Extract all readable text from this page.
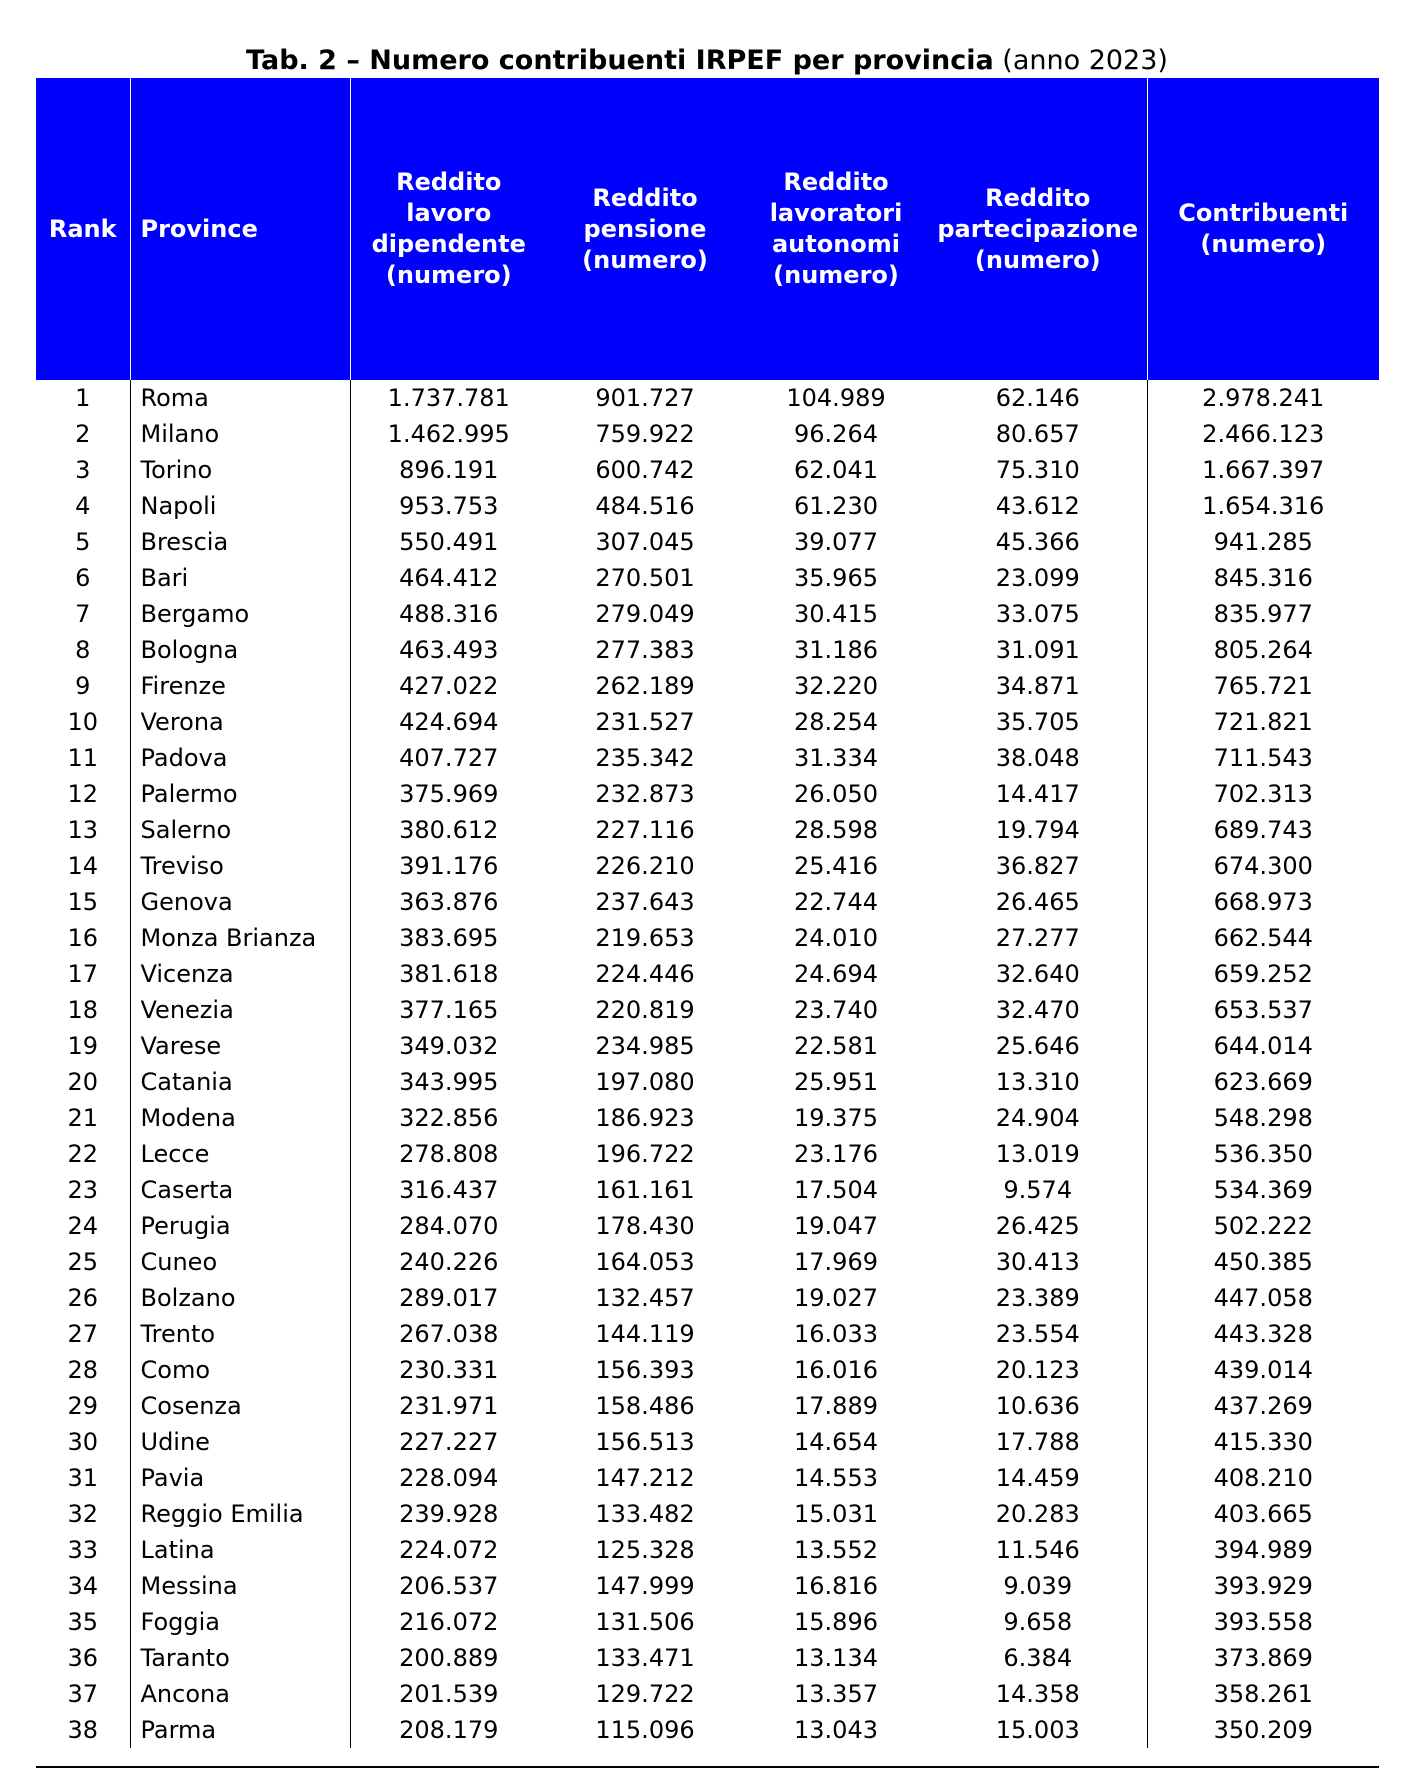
Tab. 2 – Numero contribuenti IRPEF per provincia (anno 2023)
Rank	Province	Reddito
lavoro
dipendente
(numero)	Reddito
pensione
(numero)	Reddito
lavoratori
autonomi
(numero)	Reddito
partecipazione
(numero)	Contribuenti
(numero)

1	Roma	1.737.781	901.727	104.989	62.146	2.978.241
2	Milano	1.462.995	759.922	96.264	80.657	2.466.123
3	Torino	896.191	600.742	62.041	75.310	1.667.397
4	Napoli	953.753	484.516	61.230	43.612	1.654.316
5	Brescia	550.491	307.045	39.077	45.366	941.285
6	Bari	464.412	270.501	35.965	23.099	845.316
7	Bergamo	488.316	279.049	30.415	33.075	835.977
8	Bologna	463.493	277.383	31.186	31.091	805.264
9	Firenze	427.022	262.189	32.220	34.871	765.721
10	Verona	424.694	231.527	28.254	35.705	721.821
11	Padova	407.727	235.342	31.334	38.048	711.543
12	Palermo	375.969	232.873	26.050	14.417	702.313
13	Salerno	380.612	227.116	28.598	19.794	689.743
14	Treviso	391.176	226.210	25.416	36.827	674.300
15	Genova	363.876	237.643	22.744	26.465	668.973
16	Monza Brianza	383.695	219.653	24.010	27.277	662.544
17	Vicenza	381.618	224.446	24.694	32.640	659.252
18	Venezia	377.165	220.819	23.740	32.470	653.537
19	Varese	349.032	234.985	22.581	25.646	644.014
20	Catania	343.995	197.080	25.951	13.310	623.669
21	Modena	322.856	186.923	19.375	24.904	548.298
22	Lecce	278.808	196.722	23.176	13.019	536.350
23	Caserta	316.437	161.161	17.504	9.574	534.369
24	Perugia	284.070	178.430	19.047	26.425	502.222
25	Cuneo	240.226	164.053	17.969	30.413	450.385
26	Bolzano	289.017	132.457	19.027	23.389	447.058
27	Trento	267.038	144.119	16.033	23.554	443.328
28	Como	230.331	156.393	16.016	20.123	439.014
29	Cosenza	231.971	158.486	17.889	10.636	437.269
30	Udine	227.227	156.513	14.654	17.788	415.330
31	Pavia	228.094	147.212	14.553	14.459	408.210
32	Reggio Emilia	239.928	133.482	15.031	20.283	403.665
33	Latina	224.072	125.328	13.552	11.546	394.989
34	Messina	206.537	147.999	16.816	9.039	393.929
35	Foggia	216.072	131.506	15.896	9.658	393.558
36	Taranto	200.889	133.471	13.134	6.384	373.869
37	Ancona	201.539	129.722	13.357	14.358	358.261
38	Parma	208.179	115.096	13.043	15.003	350.209
